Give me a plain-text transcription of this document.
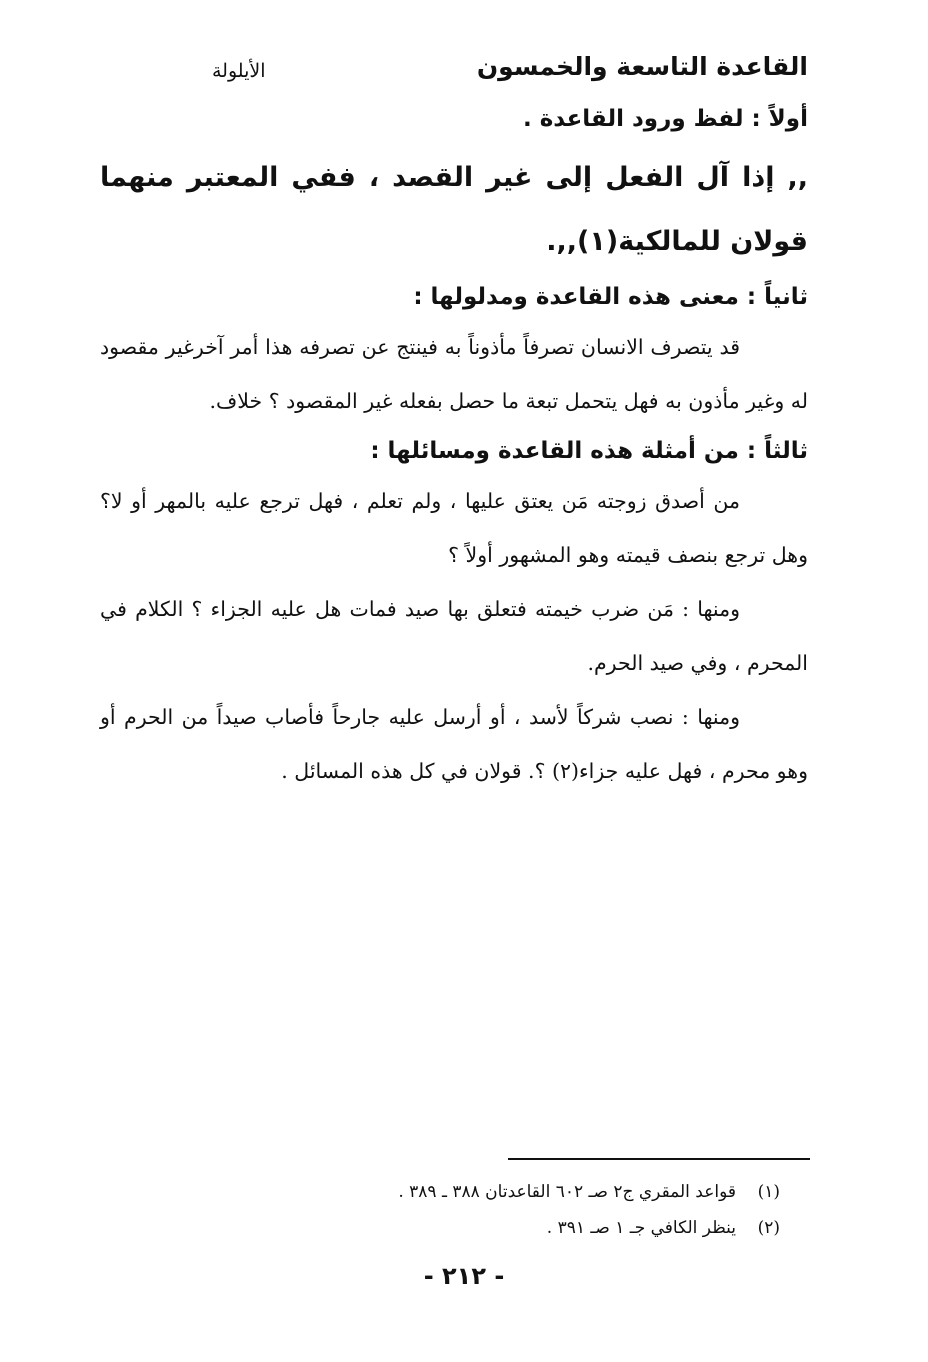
القاعدة التاسعة والخمسون
الأيلولة

أولاً : لفظ ورود القاعدة .

,, إذا آل الفعل إلى غير القصد ، ففي المعتبر منهما قولان للمالكية(١),,.

ثانياً : معنى هذه القاعدة ومدلولها :

قد يتصرف الانسان تصرفاً مأذوناً به فينتج عن تصرفه هذا أمر آخرغير مقصود له وغير مأذون به فهل يتحمل تبعة ما حصل بفعله غير المقصود ؟ خلاف.

ثالثاً : من أمثلة هذه القاعدة ومسائلها :

من أصدق زوجته مَن يعتق عليها ، ولم تعلم ، فهل ترجع عليه بالمهر أو لا؟ وهل ترجع بنصف قيمته وهو المشهور أولاً ؟

ومنها : مَن ضرب خيمته فتعلق بها صيد فمات هل عليه الجزاء ؟ الكلام في المحرم ، وفي صيد الحرم.

ومنها : نصب شركاً لأسد ، أو أرسل عليه جارحاً فأصاب صيداً من الحرم أو وهو محرم ، فهل عليه جزاء(٢) ؟. قولان في كل هذه المسائل .

(١)قواعد المقري ج٢ صـ ٦٠٢ القاعدتان ٣٨٨ ـ ٣٨٩ .
(٢)ينظر الكافي جـ ١ صـ ٣٩١ .
- ٢١٢ -
